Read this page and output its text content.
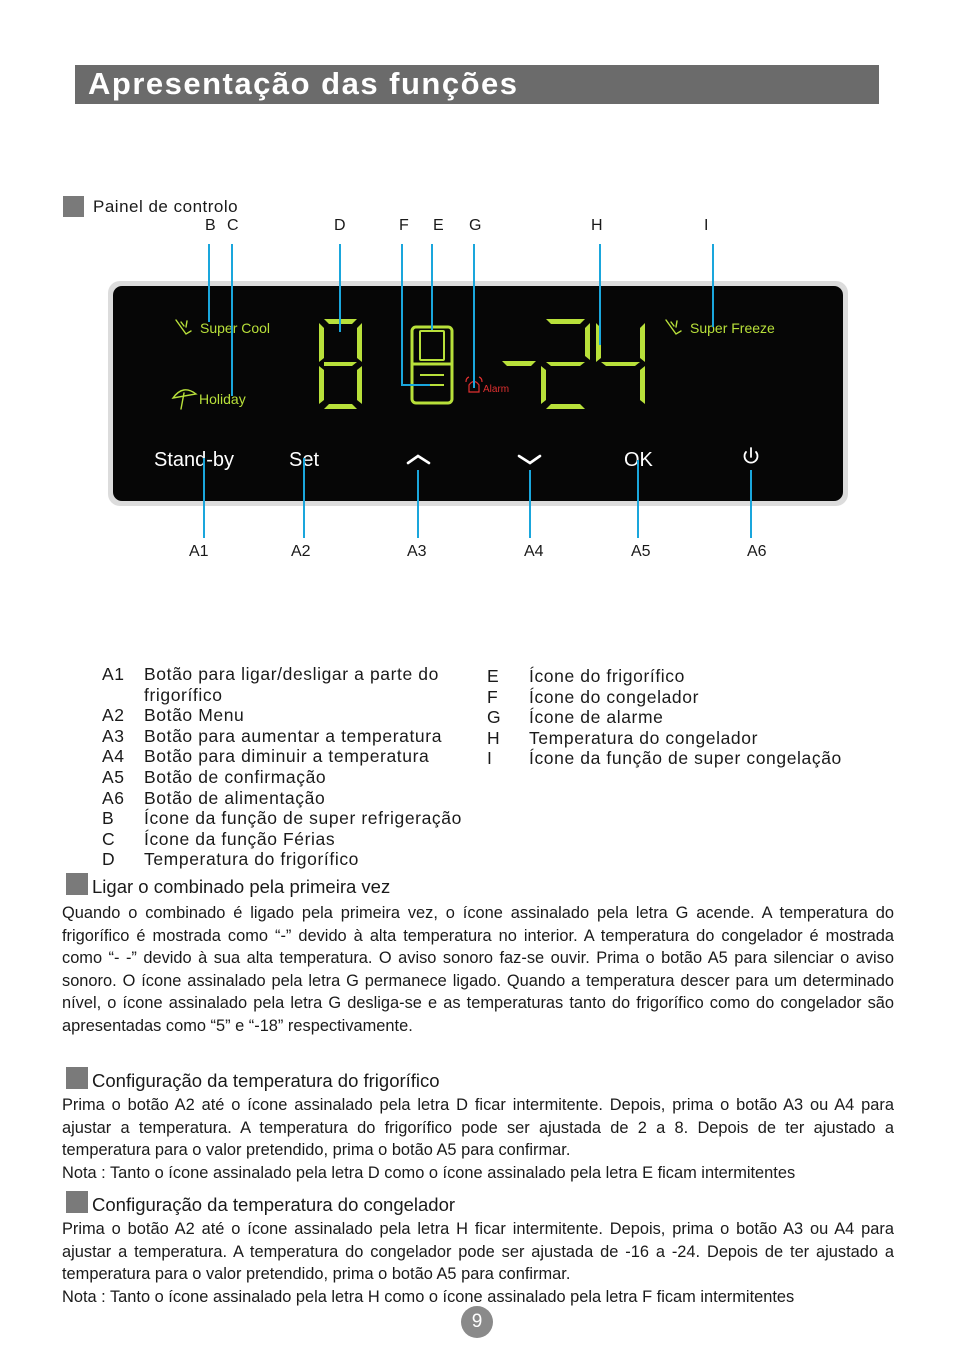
Apresentação das funções
Painel de controlo
B C	D	F E G	H	I
Super Cool
Holiday
Alarm
Super Freeze
Stand-by	Set	OK
A1	A2	A3	A4	A5	A6
A1	Botão para ligar/desligar a parte do frigorífico
A2	Botão Menu
A3	Botão para aumentar a temperatura
A4	Botão para diminuir a temperatura
A5	Botão de confirmação
A6	Botão de alimentação
B	Ícone da função de super refrigeração
C	Ícone da função Férias
D	Temperatura do frigorífico
E	Ícone do frigorífico
F	Ícone do congelador
G	Ícone de alarme
H	Temperatura do congelador
I	Ícone da função de super congelação
Ligar o combinado pela primeira vez
Quando o combinado é ligado pela primeira vez, o ícone assinalado pela letra G acende. A temperatura do frigorífico é mostrada como “-” devido à alta temperatura no interior. A temperatura do congelador é mostrada como “- -” devido à sua alta temperatura. O aviso sonoro faz-se ouvir. Prima o botão A5 para silenciar o aviso sonoro. O ícone assinalado pela letra G permanece ligado. Quando a temperatura descer para um determinado nível, o ícone assinalado pela letra G desliga-se e as temperaturas tanto do frigorífico como do congelador são apresentadas como “5” e “-18” respectivamente.
Configuração da temperatura do frigorífico
Prima o botão A2 até o ícone assinalado pela letra D ficar intermitente. Depois, prima o botão A3 ou A4 para ajustar a temperatura. A temperatura do frigorífico pode ser ajustada de 2 a 8. Depois de ter ajustado a temperatura para o valor pretendido, prima o botão A5 para confirmar.
Nota : Tanto o ícone assinalado pela letra D como o ícone assinalado pela letra E ficam intermitentes
Configuração da temperatura do congelador
Prima o botão A2 até o ícone assinalado pela letra H ficar intermitente. Depois, prima o botão A3 ou A4 para ajustar a temperatura. A temperatura do congelador pode ser ajustada de -16 a -24. Depois de ter ajustado a temperatura para o valor pretendido, prima o botão A5 para confirmar.
Nota : Tanto o ícone assinalado pela letra H como o ícone assinalado pela letra F ficam intermitentes
9
